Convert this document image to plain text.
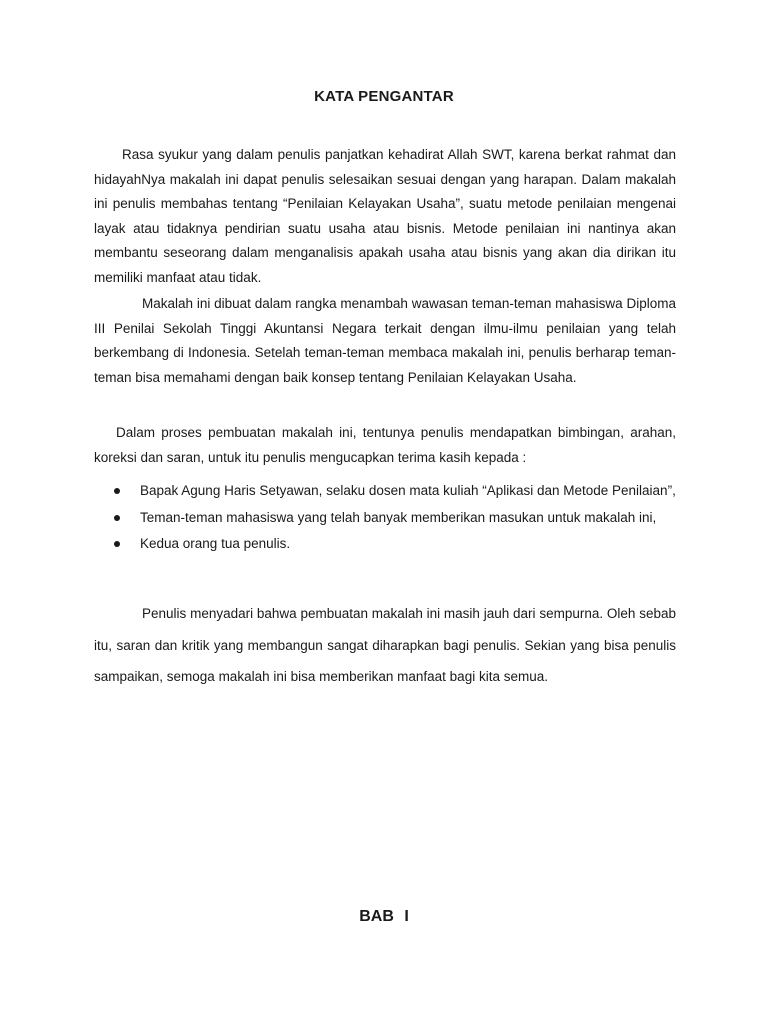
KATA PENGANTAR
Rasa syukur yang dalam penulis panjatkan kehadirat Allah SWT, karena berkat rahmat dan hidayahNya makalah ini dapat penulis selesaikan sesuai dengan yang harapan. Dalam makalah ini penulis membahas tentang “Penilaian Kelayakan Usaha”, suatu metode penilaian mengenai layak atau tidaknya pendirian suatu usaha atau bisnis. Metode penilaian ini nantinya akan membantu seseorang dalam menganalisis apakah usaha atau bisnis yang akan dia dirikan itu memiliki manfaat atau tidak.
Makalah ini dibuat dalam rangka menambah wawasan teman-teman mahasiswa Diploma III Penilai Sekolah Tinggi Akuntansi Negara terkait dengan ilmu-ilmu penilaian yang telah berkembang di Indonesia. Setelah teman-teman membaca makalah ini, penulis berharap teman-teman bisa memahami dengan baik konsep tentang Penilaian Kelayakan Usaha.
Dalam proses pembuatan makalah ini, tentunya penulis mendapatkan bimbingan, arahan, koreksi dan saran, untuk itu penulis mengucapkan terima kasih kepada :
Bapak Agung Haris Setyawan, selaku dosen mata kuliah “Aplikasi dan Metode Penilaian”,
Teman-teman mahasiswa yang telah banyak memberikan masukan untuk makalah ini,
Kedua orang tua penulis.
Penulis menyadari bahwa pembuatan makalah ini masih jauh dari sempurna. Oleh sebab itu, saran dan kritik yang membangun sangat diharapkan bagi penulis. Sekian yang bisa penulis sampaikan, semoga makalah ini bisa memberikan manfaat bagi kita semua.
BAB I
